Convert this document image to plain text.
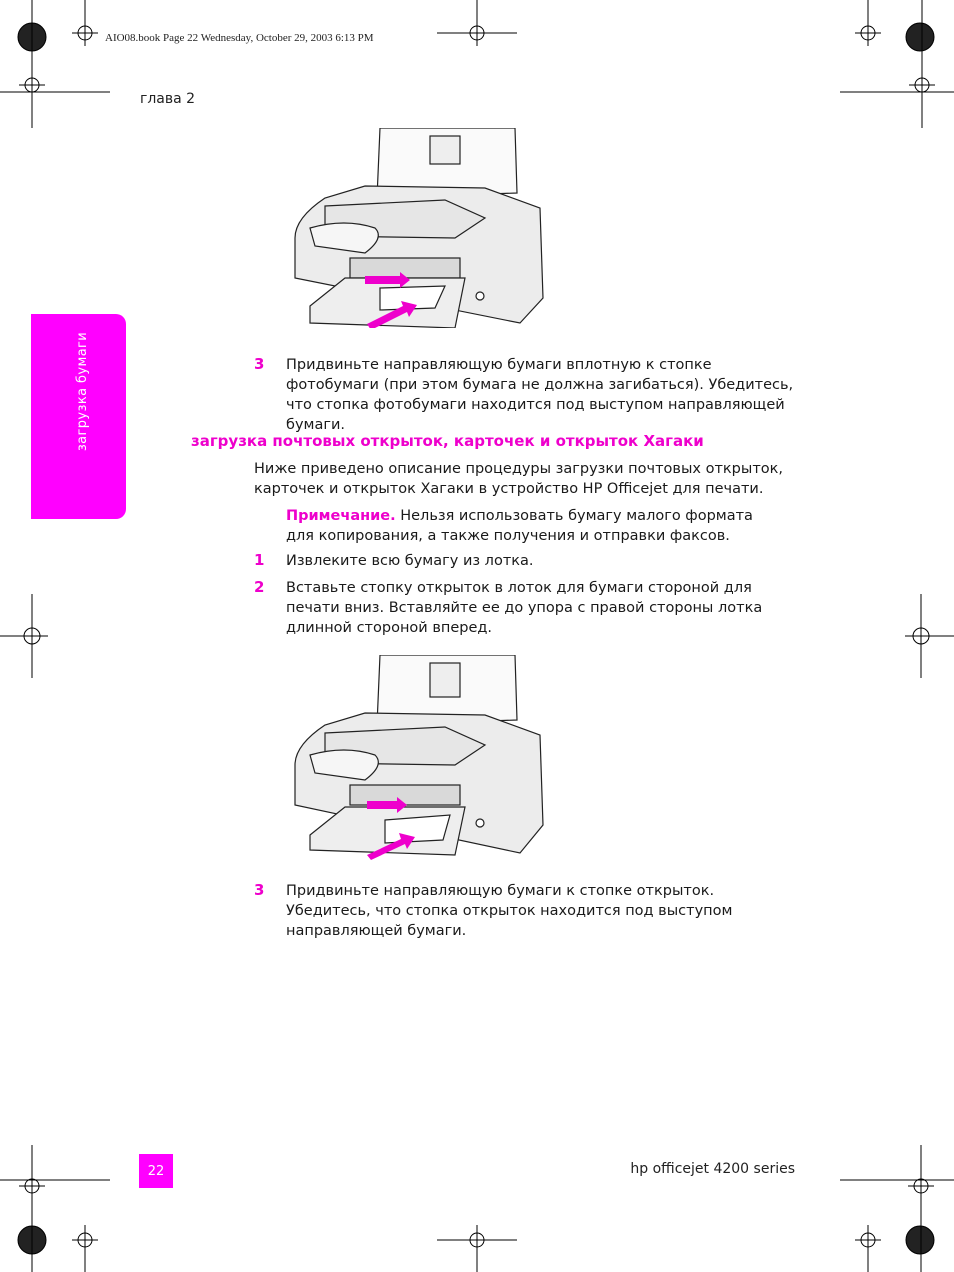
AIO08.book Page 22 Wednesday, October 29, 2003 6:13 PM
глава 2
загрузка бумаги	3 Придвиньте направляющую бумаги вплотную к стопке фотобумаги (при этом бумага не должна загибаться). Убедитесь, что стопка фотобумаги находится под выступом направляющей бумаги.
загрузка почтовых открыток, карточек и открыток Хагаки
Ниже приведено описание процедуры загрузки почтовых открыток, карточек и открыток Хагаки в устройство HP Officejet для печати.
Примечание. Нельзя использовать бумагу малого формата для копирования, а также получения и отправки факсов.
1 Извлеките всю бумагу из лотка.
2 Вставьте стопку открыток в лоток для бумаги стороной для печати вниз. Вставляйте ее до упора с правой стороны лотка длинной стороной вперед.
3 Придвиньте направляющую бумаги к стопке открыток. Убедитесь, что стопка открыток находится под выступом направляющей бумаги.
22	hp officejet 4200 series
